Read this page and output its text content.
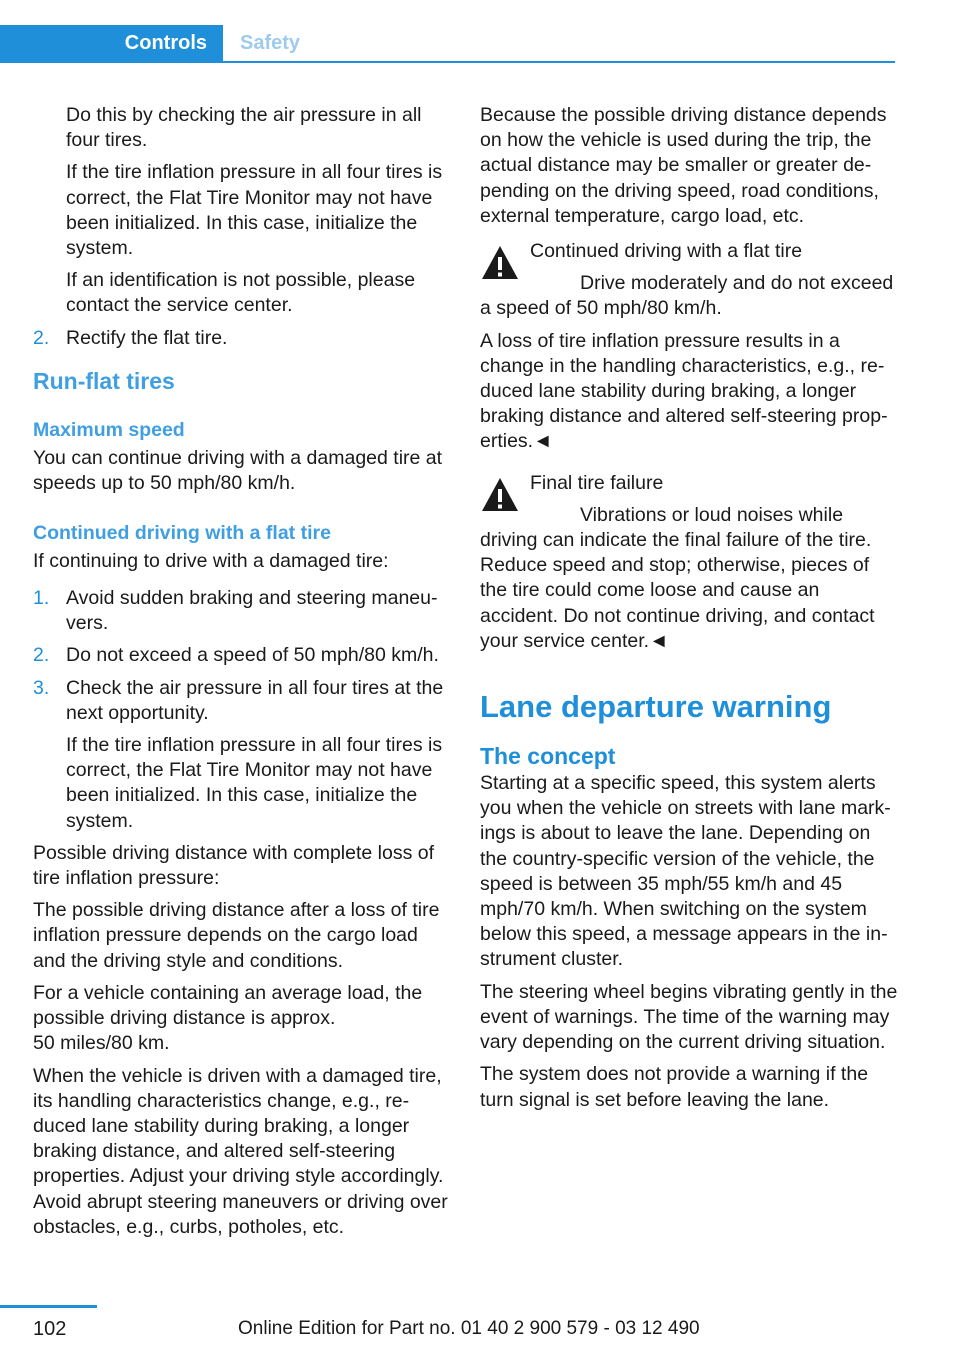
Controls	Safety

Do this by checking the air pressure in all four tires.

If the tire inflation pressure in all four tires is correct, the Flat Tire Monitor may not have been initialized. In this case, initialize the system.

If an identification is not possible, please contact the service center.

2. Rectify the flat tire.
Run-flat tires
Maximum speed

You can continue driving with a damaged tire at speeds up to 50 mph/80 km/h.

Continued driving with a flat tire

If continuing to drive with a damaged tire:

1. Avoid sudden braking and steering maneuvers.
2. Do not exceed a speed of 50 mph/80 km/h.
3. Check the air pressure in all four tires at the next opportunity.

If the tire inflation pressure in all four tires is correct, the Flat Tire Monitor may not have been initialized. In this case, initialize the system.

Possible driving distance with complete loss of tire inflation pressure:

The possible driving distance after a loss of tire inflation pressure depends on the cargo load and the driving style and conditions.

For a vehicle containing an average load, the possible driving distance is approx.
50 miles/80 km.

When the vehicle is driven with a damaged tire, its handling characteristics change, e.g., reduced lane stability during braking, a longer braking distance, and altered self-steering properties. Adjust your driving style accordingly. Avoid abrupt steering maneuvers or driving over obstacles, e.g., curbs, potholes, etc.

Because the possible driving distance depends on how the vehicle is used during the trip, the actual distance may be smaller or greater depending on the driving speed, road conditions, external temperature, cargo load, etc.

Continued driving with a flat tire
Drive moderately and do not exceed a speed of 50 mph/80 km/h.

A loss of tire inflation pressure results in a change in the handling characteristics, e.g., reduced lane stability during braking, a longer braking distance and altered self-steering properties.◄

Final tire failure
Vibrations or loud noises while driving can indicate the final failure of the tire. Reduce speed and stop; otherwise, pieces of the tire could come loose and cause an accident. Do not continue driving, and contact your service center.◄
Lane departure warning
The concept

Starting at a specific speed, this system alerts you when the vehicle on streets with lane markings is about to leave the lane. Depending on the country-specific version of the vehicle, the speed is between 35 mph/55 km/h and 45 mph/70 km/h. When switching on the system below this speed, a message appears in the instrument cluster.

The steering wheel begins vibrating gently in the event of warnings. The time of the warning may vary depending on the current driving situation.

The system does not provide a warning if the turn signal is set before leaving the lane.

102	Online Edition for Part no. 01 40 2 900 579 - 03 12 490
